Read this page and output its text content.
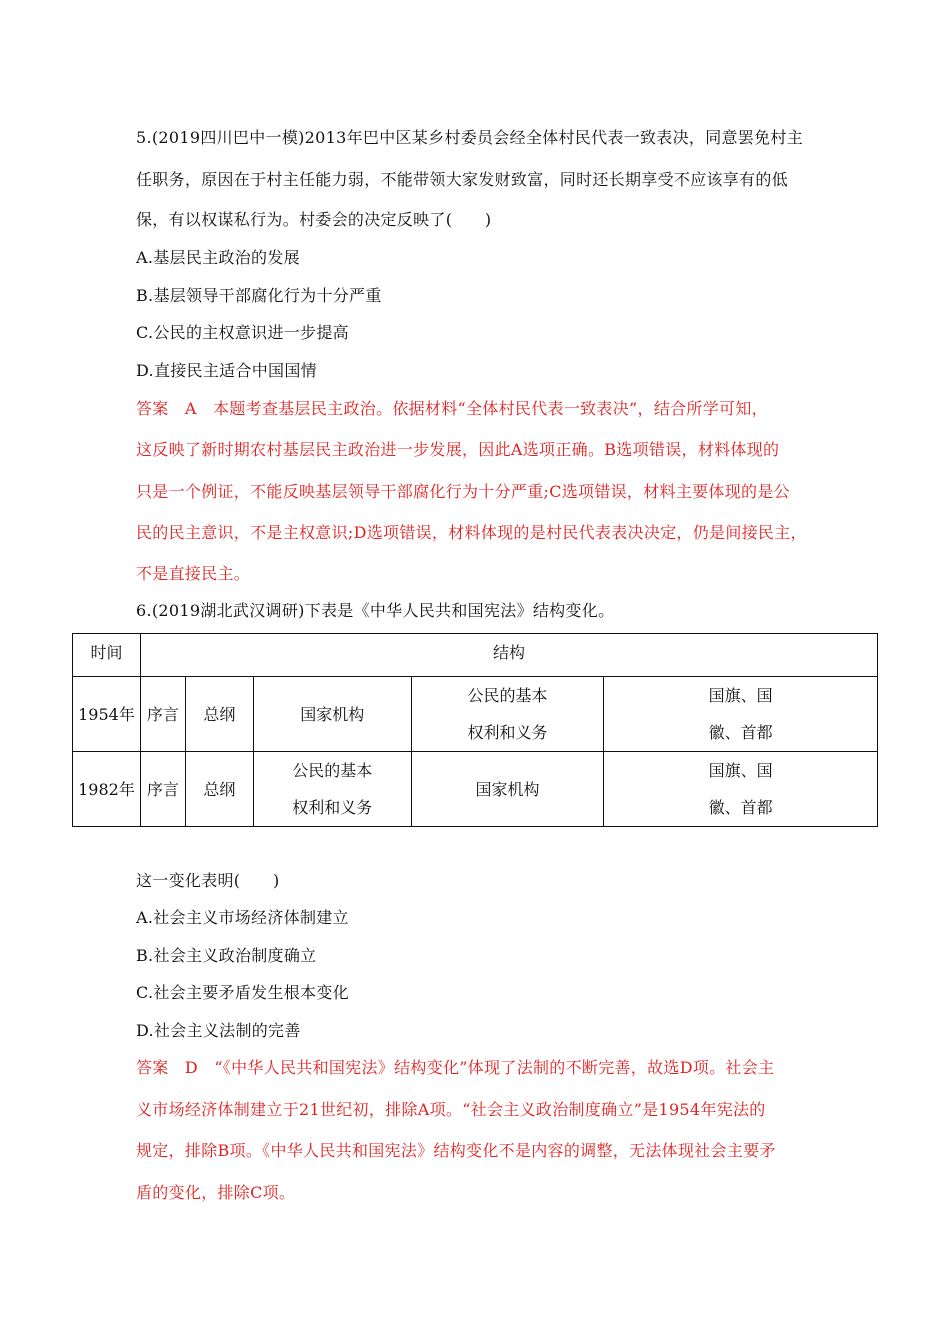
5.(2019四川巴中一模)2013年巴中区某乡村委员会经全体村民代表一致表决，同意罢免村主
任职务，原因在于村主任能力弱，不能带领大家发财致富，同时还长期享受不应该享有的低
保，有以权谋私行为。村委会的决定反映了(　　)
A.基层民主政治的发展
B.基层领导干部腐化行为十分严重
C.公民的主权意识进一步提高
D.直接民主适合中国国情
答案　A　本题考查基层民主政治。依据材料“全体村民代表一致表决”，结合所学可知，
这反映了新时期农村基层民主政治进一步发展，因此A选项正确。B选项错误，材料体现的
只是一个例证，不能反映基层领导干部腐化行为十分严重;C选项错误，材料主要体现的是公
民的民主意识，不是主权意识;D选项错误，材料体现的是村民代表表决决定，仍是间接民主，
不是直接民主。
6.(2019湖北武汉调研)下表是《中华人民共和国宪法》结构变化。
时间	结构				
1954年	序言	总纲	国家机构	公民的基本
权利和义务	国旗、国
徽、首都
1982年	序言	总纲	公民的基本
权利和义务	国家机构	国旗、国
徽、首都
这一变化表明(　　)
A.社会主义市场经济体制建立
B.社会主义政治制度确立
C.社会主要矛盾发生根本变化
D.社会主义法制的完善
答案　D　“《中华人民共和国宪法》结构变化”体现了法制的不断完善，故选D项。社会主
义市场经济体制建立于21世纪初，排除A项。“社会主义政治制度确立”是1954年宪法的
规定，排除B项。《中华人民共和国宪法》结构变化不是内容的调整，无法体现社会主要矛
盾的变化，排除C项。
